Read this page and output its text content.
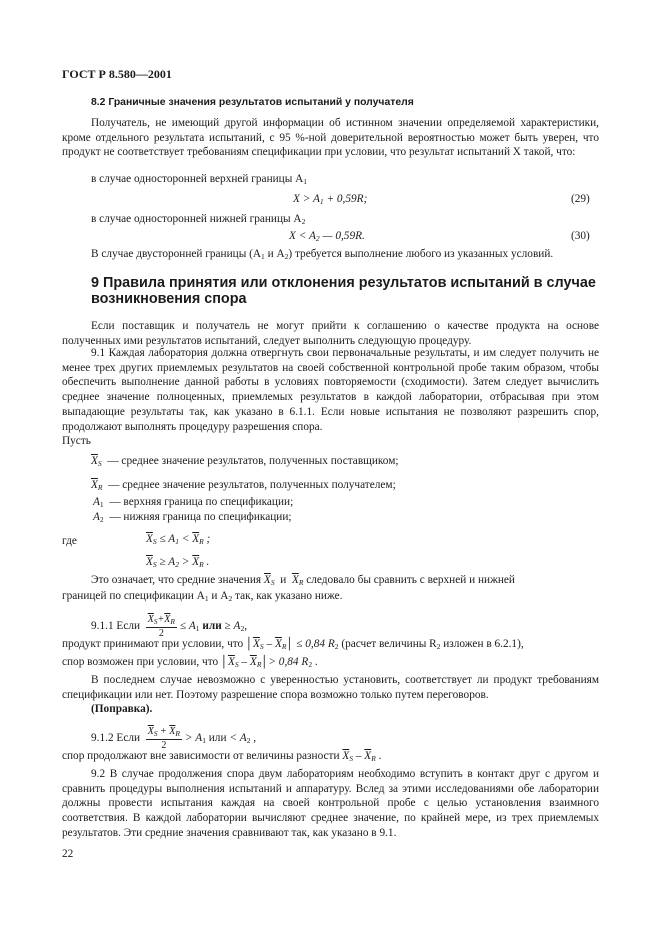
ГОСТ Р 8.580—2001
8.2 Граничные значения результатов испытаний у получателя
Получатель, не имеющий другой информации об истинном значении определяемой характеристики, кроме отдельного результата испытаний, с 95 %-ной доверительной вероятностью может быть уверен, что продукт не соответствует требованиям спецификации при условии, что результат испытаний X такой, что:
в случае односторонней верхней границы $A_1$
$X > A_1 + 0,59R$;	(29)
в случае односторонней нижней границы $A_2$
$X < A_2$ — 0,59R.	(30)
В случае двусторонней границы ($A_1$ и $A_2$) требуется выполнение любого из указанных условий.
9 Правила принятия или отклонения результатов испытаний в случае
возникновения спора
Если поставщик и получатель не могут прийти к соглашению о качестве продукта на основе полученных ими результатов испытаний, следует выполнить следующую процедуру.
9.1 Каждая лаборатория должна отвергнуть свои первоначальные результаты, и им следует получить не менее трех других приемлемых результатов на своей собственной контрольной пробе таким образом, чтобы обеспечить выполнение данной работы в условиях повторяемости (сходимости). Затем следует вычислить среднее значение полноценных, приемлемых результатов в каждой лаборатории, отбрасывая при этом выпадающие результаты так, как указано в 6.1.1. Если новые испытания не позволяют разрешить спор, продолжают выполнять процедуру разрешения спора.
Пусть
$\overline{X}_S$ — среднее значение результатов, полученных поставщиком;
$\overline{X}_R$ — среднее значение результатов, полученных получателем;
$A_1$ — верхняя граница по спецификации;
$A_2$ — нижняя граница по спецификации;
где	$\overline{X}_S \le A_1 < \overline{X}_R$ ;
$\overline{X}_S \ge A_2 > \overline{X}_R$ .
Это означает, что средние значения $\overline{X}_S$ и $\overline{X}_R$ следовало бы сравнить с верхней и нижней
границей по спецификации $A_1$ и $A_2$ так, как указано ниже.
9.1.1 Если $\frac{\overline{X}_S+\overline{X}_R}{2} \le A_1$ или ≥ $A_2$,
продукт принимают при условии, что $│\overline{X}_S$ – $\overline{X}_R│ \le 0,84$ $R_2$ (расчет величины $R_2$ изложен в 6.2.1),
спор возможен при условии, что $│\overline{X}_S$ – $\overline{X}_R│> 0,84$ $R_2$ .
В последнем случае невозможно с уверенностью установить, соответствует ли продукт требованиям спецификации или нет. Поэтому разрешение спора возможно только путем переговоров.
(Поправка).
9.1.2 Если $\frac{\overline{X}_S + \overline{X}_R}{2} > A_1$ или < $A_2$ ,
спор продолжают вне зависимости от величины разности $\overline{X}_S - \overline{X}_R$ .
9.2 В случае продолжения спора двум лабораториям необходимо вступить в контакт друг с другом и сравнить процедуры выполнения испытаний и аппаратуру. Вслед за этими исследованиями обе лаборатории должны провести испытания каждая на своей контрольной пробе с целью установления взаимного соответствия. В каждой лаборатории вычисляют среднее значение, по крайней мере, из трех приемлемых результатов. Эти средние значения сравнивают так, как указано в 9.1.
22
